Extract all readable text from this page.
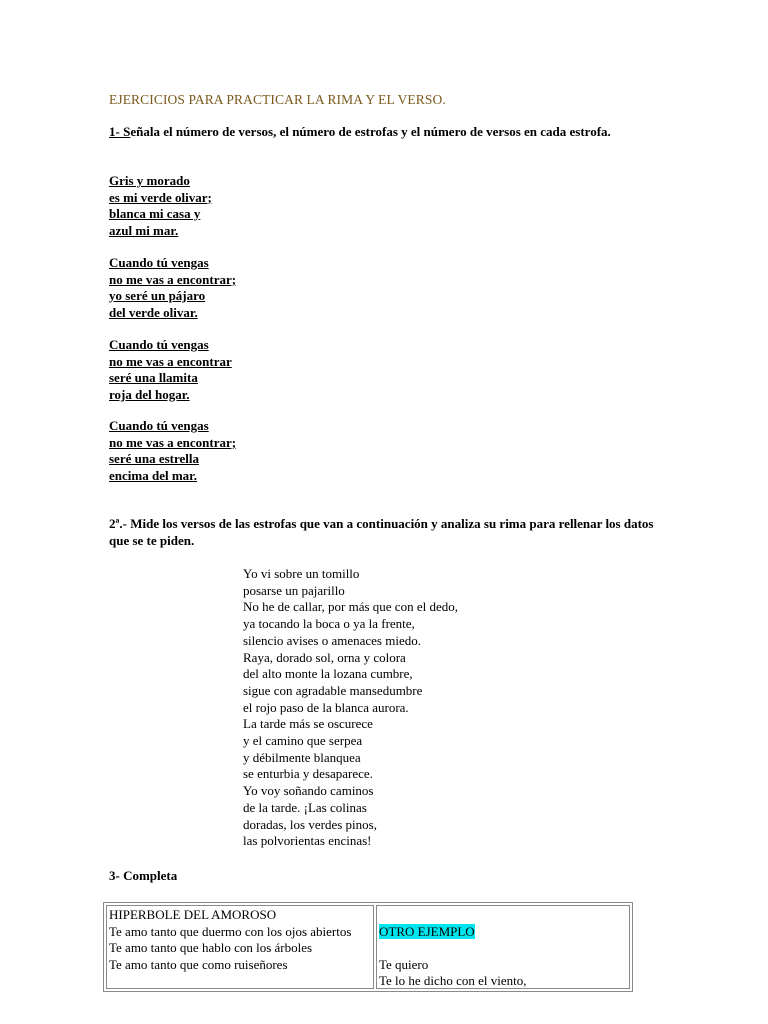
EJERCICIOS PARA PRACTICAR LA RIMA Y EL VERSO.
1- Señala el número de versos, el número de estrofas y el número de versos en cada estrofa.
Gris y morado
es mi verde olivar;
blanca mi casa y
azul mi mar.
Cuando tú vengas
no me vas a encontrar;
yo seré un pájaro
del verde olivar.
Cuando tú vengas
no me vas a encontrar
seré una llamita
roja del hogar.
Cuando tú vengas
no me vas a encontrar;
seré una estrella
encima del mar.
2ª.- Mide los versos de las estrofas que van a continuación y analiza su rima para rellenar los datos que se te piden.
Yo vi sobre un tomillo
posarse un pajarillo
No he de callar, por más que con el dedo,
ya tocando la boca o ya la frente,
silencio avises o amenaces miedo.
Raya, dorado sol, orna y colora
del alto monte la lozana cumbre,
sigue con agradable mansedumbre
el rojo paso de la blanca aurora.
La tarde más se oscurece
y el camino que serpea
y débilmente blanquea
se enturbia y desaparece.
Yo voy soñando caminos
de la tarde. ¡Las colinas
doradas, los verdes pinos,
las polvorientas encinas!
3- Completa
HIPERBOLE DEL AMOROSO
Te amo tanto que duermo con los ojos abiertos
Te amo tanto que hablo con los árboles
Te amo tanto que como ruiseñores
OTRO EJEMPLO
Te quiero
Te lo he dicho con el viento,
